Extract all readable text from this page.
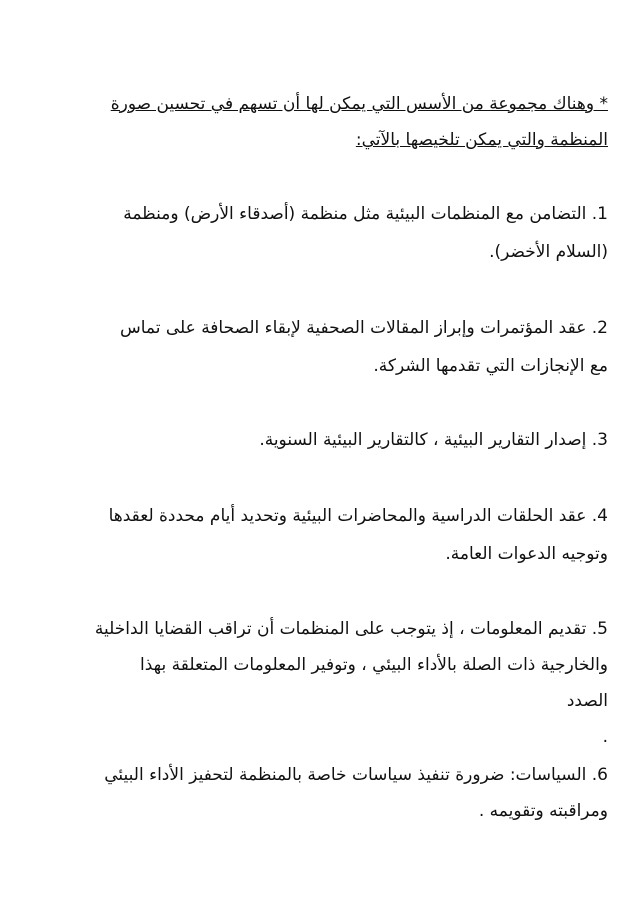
* وهناك مجموعة من الأسس التي يمكن لها أن تسهم في تحسين صورة
المنظمة والتي يمكن تلخيصها بالآتي:
1. التضامن مع المنظمات البيئية مثل منظمة (أصدقاء الأرض) ومنظمة
(السلام الأخضر).
2. عقد المؤتمرات وإبراز المقالات الصحفية لإبقاء الصحافة على تماس
مع الإنجازات التي تقدمها الشركة.
3. إصدار التقارير البيئية ، كالتقارير البيئية السنوية.
4. عقد الحلقات الدراسية والمحاضرات البيئية وتحديد أيام محددة لعقدها
وتوجيه الدعوات العامة.
5. تقديم المعلومات ، إذ يتوجب على المنظمات أن تراقب القضايا الداخلية
والخارجية ذات الصلة بالأداء البيئي ، وتوفير المعلومات المتعلقة بهذا
الصدد
.
6. السياسات: ضرورة تنفيذ سياسات خاصة بالمنظمة لتحفيز الأداء البيئي
ومراقبته وتقويمه .
